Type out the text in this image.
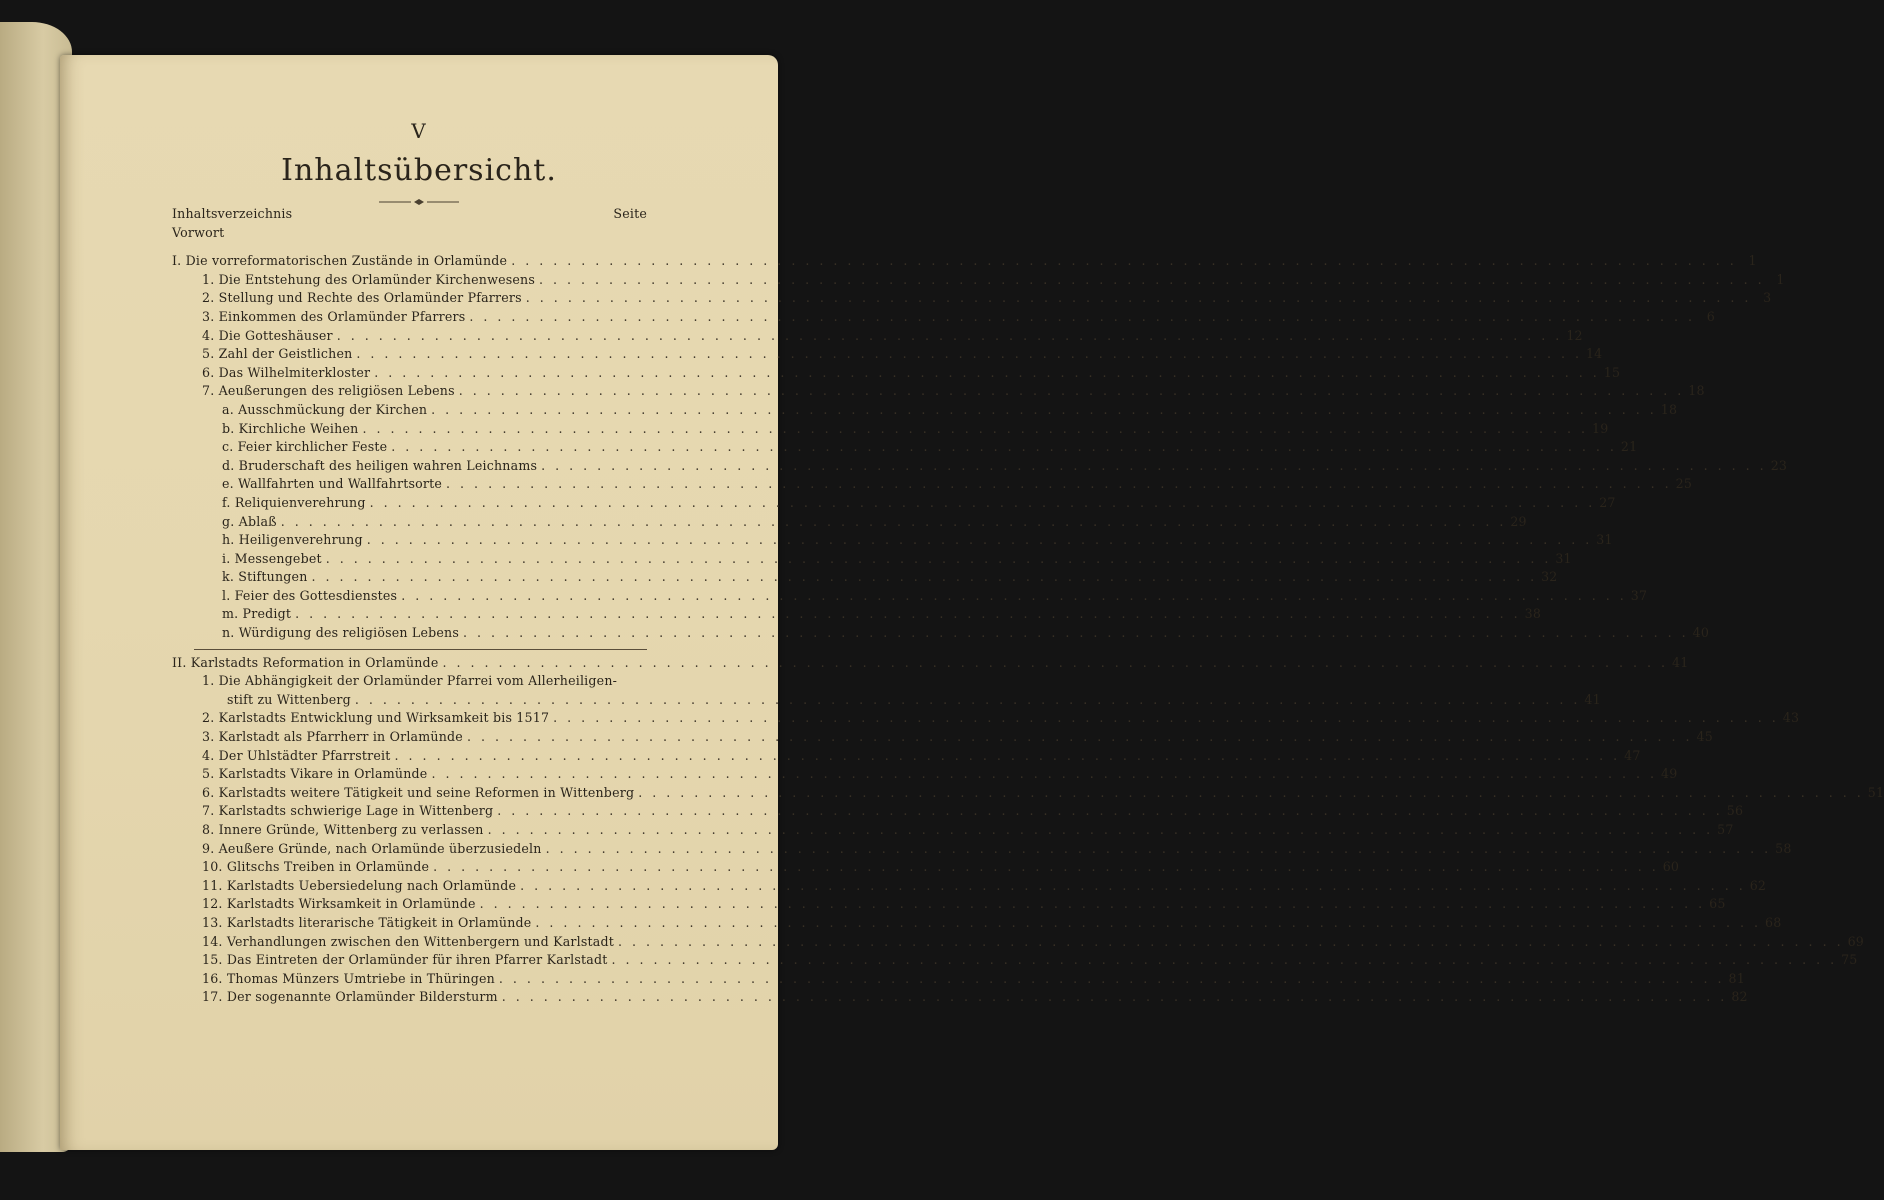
V
Inhaltsübersicht.
Inhaltsverzeichnis	Seite
Vorwort
I. Die vorreformatorischen Zustände in Orlamünde . . .	1
1. Die Entstehung des Orlamünder Kirchenwesens . . .	1
2. Stellung und Rechte des Orlamünder Pfarrers . . .	3
3. Einkommen des Orlamünder Pfarrers . . .	6
4. Die Gotteshäuser . . .	12
5. Zahl der Geistlichen . . .	14
6. Das Wilhelmiterkloster . . .	15
7. Aeußerungen des religiösen Lebens . . .	18
a. Ausschmückung der Kirchen . . .	18
b. Kirchliche Weihen . . .	19
c. Feier kirchlicher Feste . . .	21
d. Bruderschaft des heiligen wahren Leichnams . . .	23
e. Wallfahrten und Wallfahrtsorte . . .	25
f. Reliquienverehrung . . .	27
g. Ablaß . . .	29
h. Heiligenverehrung . . .	31
i. Messengebet . . .	31
k. Stiftungen . . .	32
l. Feier des Gottesdienstes . . .	37
m. Predigt . . .	38
n. Würdigung des religiösen Lebens . . .	40
II. Karlstadts Reformation in Orlamünde . . .	41
1. Die Abhängigkeit der Orlamünder Pfarrei vom Allerheiligen-
stift zu Wittenberg . . .	41
2. Karlstadts Entwicklung und Wirksamkeit bis 1517 . . .	43
3. Karlstadt als Pfarrherr in Orlamünde . . .	45
4. Der Uhlstädter Pfarrstreit . . .	47
5. Karlstadts Vikare in Orlamünde . . .	49
6. Karlstadts weitere Tätigkeit und seine Reformen in Wittenberg . . .	51
7. Karlstadts schwierige Lage in Wittenberg . . .	56
8. Innere Gründe, Wittenberg zu verlassen . . .	57
9. Aeußere Gründe, nach Orlamünde überzusiedeln . . .	58
10. Glitschs Treiben in Orlamünde . . .	60
11. Karlstadts Uebersiedelung nach Orlamünde . . .	62
12. Karlstadts Wirksamkeit in Orlamünde . . .	65
13. Karlstadts literarische Tätigkeit in Orlamünde . . .	68
14. Verhandlungen zwischen den Wittenbergern und Karlstadt . . .	69
15. Das Eintreten der Orlamünder für ihren Pfarrer Karlstadt . . .	75
16. Thomas Münzers Umtriebe in Thüringen . . .	81
17. Der sogenannte Orlamünder Bildersturm . . .	82
